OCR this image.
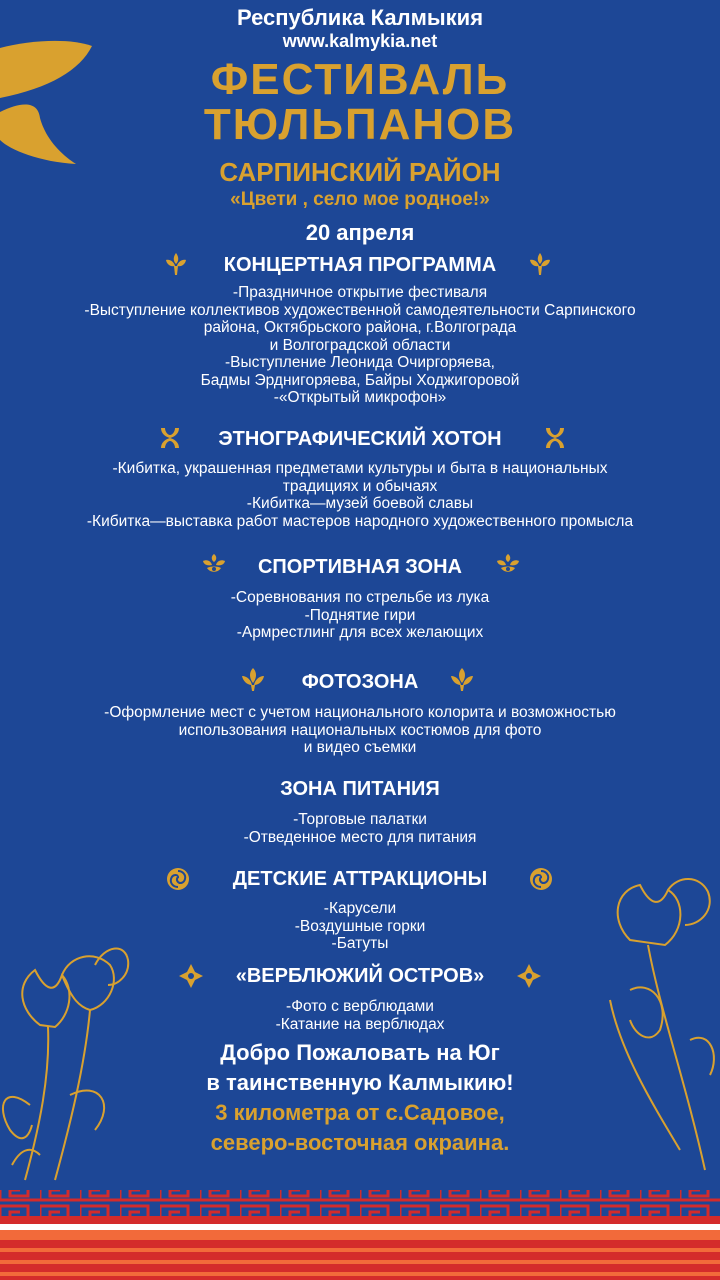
Республика Калмыкия
www.kalmykia.net
ФЕСТИВАЛЬ
ТЮЛЬПАНОВ
САРПИНСКИЙ РАЙОН
«Цвети , село мое родное!»
20 апреля
КОНЦЕРТНАЯ ПРОГРАММА
-Праздничное открытие фестиваля
-Выступление коллективов художественной самодеятельности Сарпинского
района, Октябрьского района, г.Волгограда
и Волгоградской области
-Выступление Леонида Очиргоряева,
Бадмы Эрднигоряева, Байры Ходжигоровой
-«Открытый микрофон»
ЭТНОГРАФИЧЕСКИЙ ХОТОН
-Кибитка, украшенная предметами культуры и быта в национальных
традициях и обычаях
-Кибитка—музей боевой славы
-Кибитка—выставка работ мастеров народного художественного промысла
СПОРТИВНАЯ ЗОНА
-Соревнования по стрельбе из лука
-Поднятие гири
-Армрестлинг для всех желающих
ФОТОЗОНА
-Оформление мест с учетом национального колорита и возможностью
использования национальных костюмов для фото
и видео съемки
ЗОНА ПИТАНИЯ
-Торговые палатки
-Отведенное место для питания
ДЕТСКИЕ АТТРАКЦИОНЫ
-Карусели
-Воздушные горки
-Батуты
«ВЕРБЛЮЖИЙ ОСТРОВ»
-Фото с верблюдами
-Катание на верблюдах
Добро Пожаловать на Юг
в таинственную Калмыкию!
3 километра от с.Садовое,
северо-восточная окраина.
